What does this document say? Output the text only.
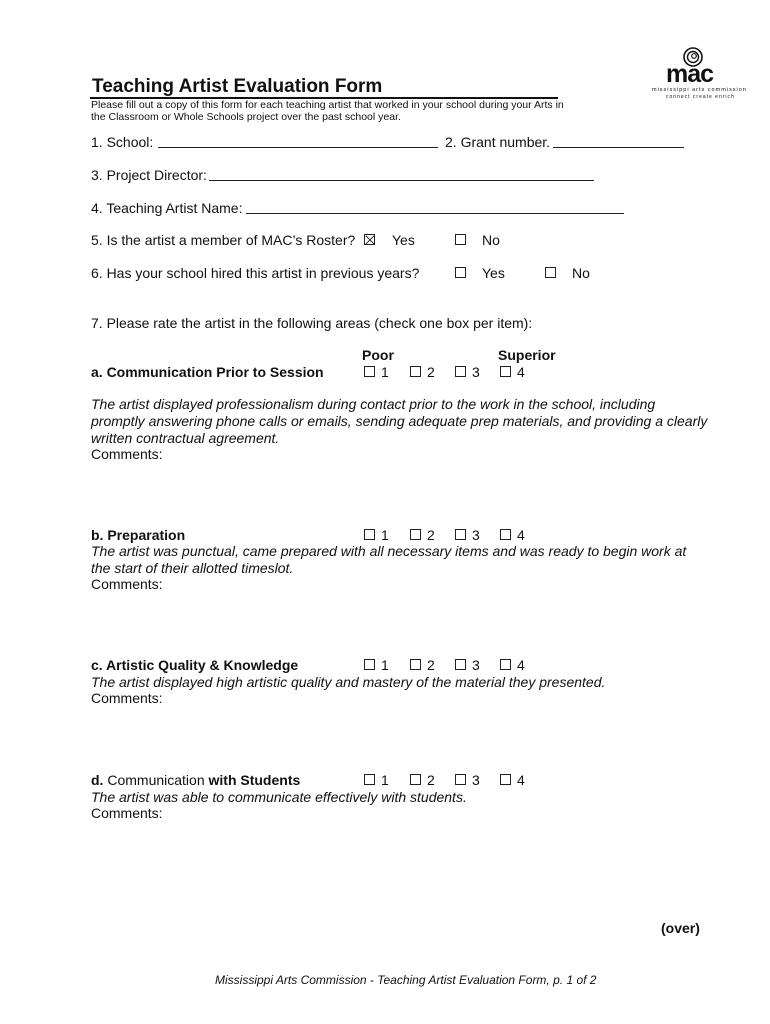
mac
mississippi arts commission
connect create enrich
Teaching Artist Evaluation Form
Please fill out a copy of this form for each teaching artist that worked in your school during your Arts in
the Classroom or Whole Schools project over the past school year.
1. School:	2. Grant number.
3. Project Director:
4. Teaching Artist Name:
5. Is the artist a member of MAC’s Roster?	Yes	No
6. Has your school hired this artist in previous years?	Yes	No
7. Please rate the artist in the following areas (check one box per item):
Poor	Superior
a. Communication Prior to Session	1	2	3	4
The artist displayed professionalism during contact prior to the work in the school, including
promptly answering phone calls or emails, sending adequate prep materials, and providing a clearly
written contractual agreement.
Comments:
b. Preparation	1	2	3	4
The artist was punctual, came prepared with all necessary items and was ready to begin work at
the start of their allotted timeslot.
Comments:
c. Artistic Quality & Knowledge	1	2	3	4
The artist displayed high artistic quality and mastery of the material they presented.
Comments:
d. Communication with Students	1	2	3	4
The artist was able to communicate effectively with students.
Comments:
(over)
Mississippi Arts Commission - Teaching Artist Evaluation Form, p. 1 of 2
